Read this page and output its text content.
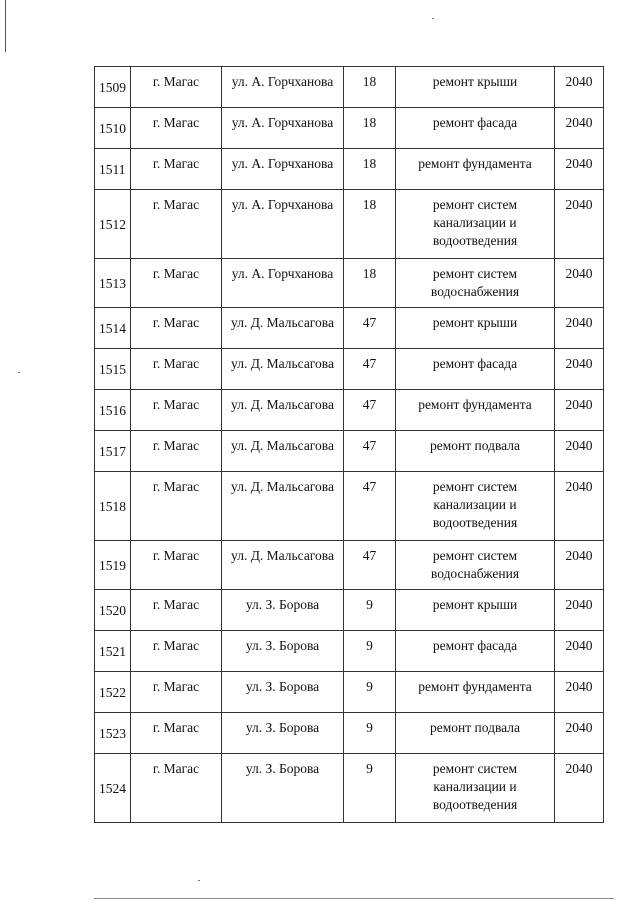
1509	г. Магас	ул. А. Горчханова	18	ремонт крыши	2040
1510	г. Магас	ул. А. Горчханова	18	ремонт фасада	2040
1511	г. Магас	ул. А. Горчханова	18	ремонт фундамента	2040
1512	г. Магас	ул. А. Горчханова	18	ремонт систем канализации и водоотведения	2040
1513	г. Магас	ул. А. Горчханова	18	ремонт систем водоснабжения	2040
1514	г. Магас	ул. Д. Мальсагова	47	ремонт крыши	2040
1515	г. Магас	ул. Д. Мальсагова	47	ремонт фасада	2040
1516	г. Магас	ул. Д. Мальсагова	47	ремонт фундамента	2040
1517	г. Магас	ул. Д. Мальсагова	47	ремонт подвала	2040
1518	г. Магас	ул. Д. Мальсагова	47	ремонт систем канализации и водоотведения	2040
1519	г. Магас	ул. Д. Мальсагова	47	ремонт систем водоснабжения	2040
1520	г. Магас	ул. З. Борова	9	ремонт крыши	2040
1521	г. Магас	ул. З. Борова	9	ремонт фасада	2040
1522	г. Магас	ул. З. Борова	9	ремонт фундамента	2040
1523	г. Магас	ул. З. Борова	9	ремонт подвала	2040
1524	г. Магас	ул. З. Борова	9	ремонт систем канализации и водоотведения	2040
